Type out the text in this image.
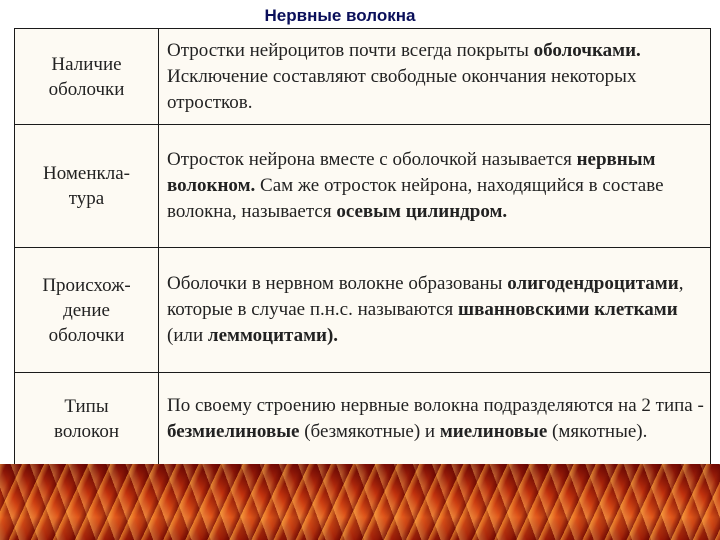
Нервные волокна
Наличие
оболочки	Отростки нейроцитов почти всегда покрыты оболочками. Исключение составляют свободные окончания некоторых отростков.

Номенкла-
тура	Отросток нейрона вместе с оболочкой называется нервным волокном. Сам же отросток нейрона, находящийся в составе волокна, называется осевым цилиндром.

Происхож-
дение
оболочки	Оболочки в нервном волокне образованы олигодендроцитами, которые в случае п.н.с. называются шванновскими клетками (или леммоцитами).

Типы
волокон	По своему строению нервные волокна подразделяются на 2 типа - безмиелиновые (безмякотные) и миелиновые (мякотные).
